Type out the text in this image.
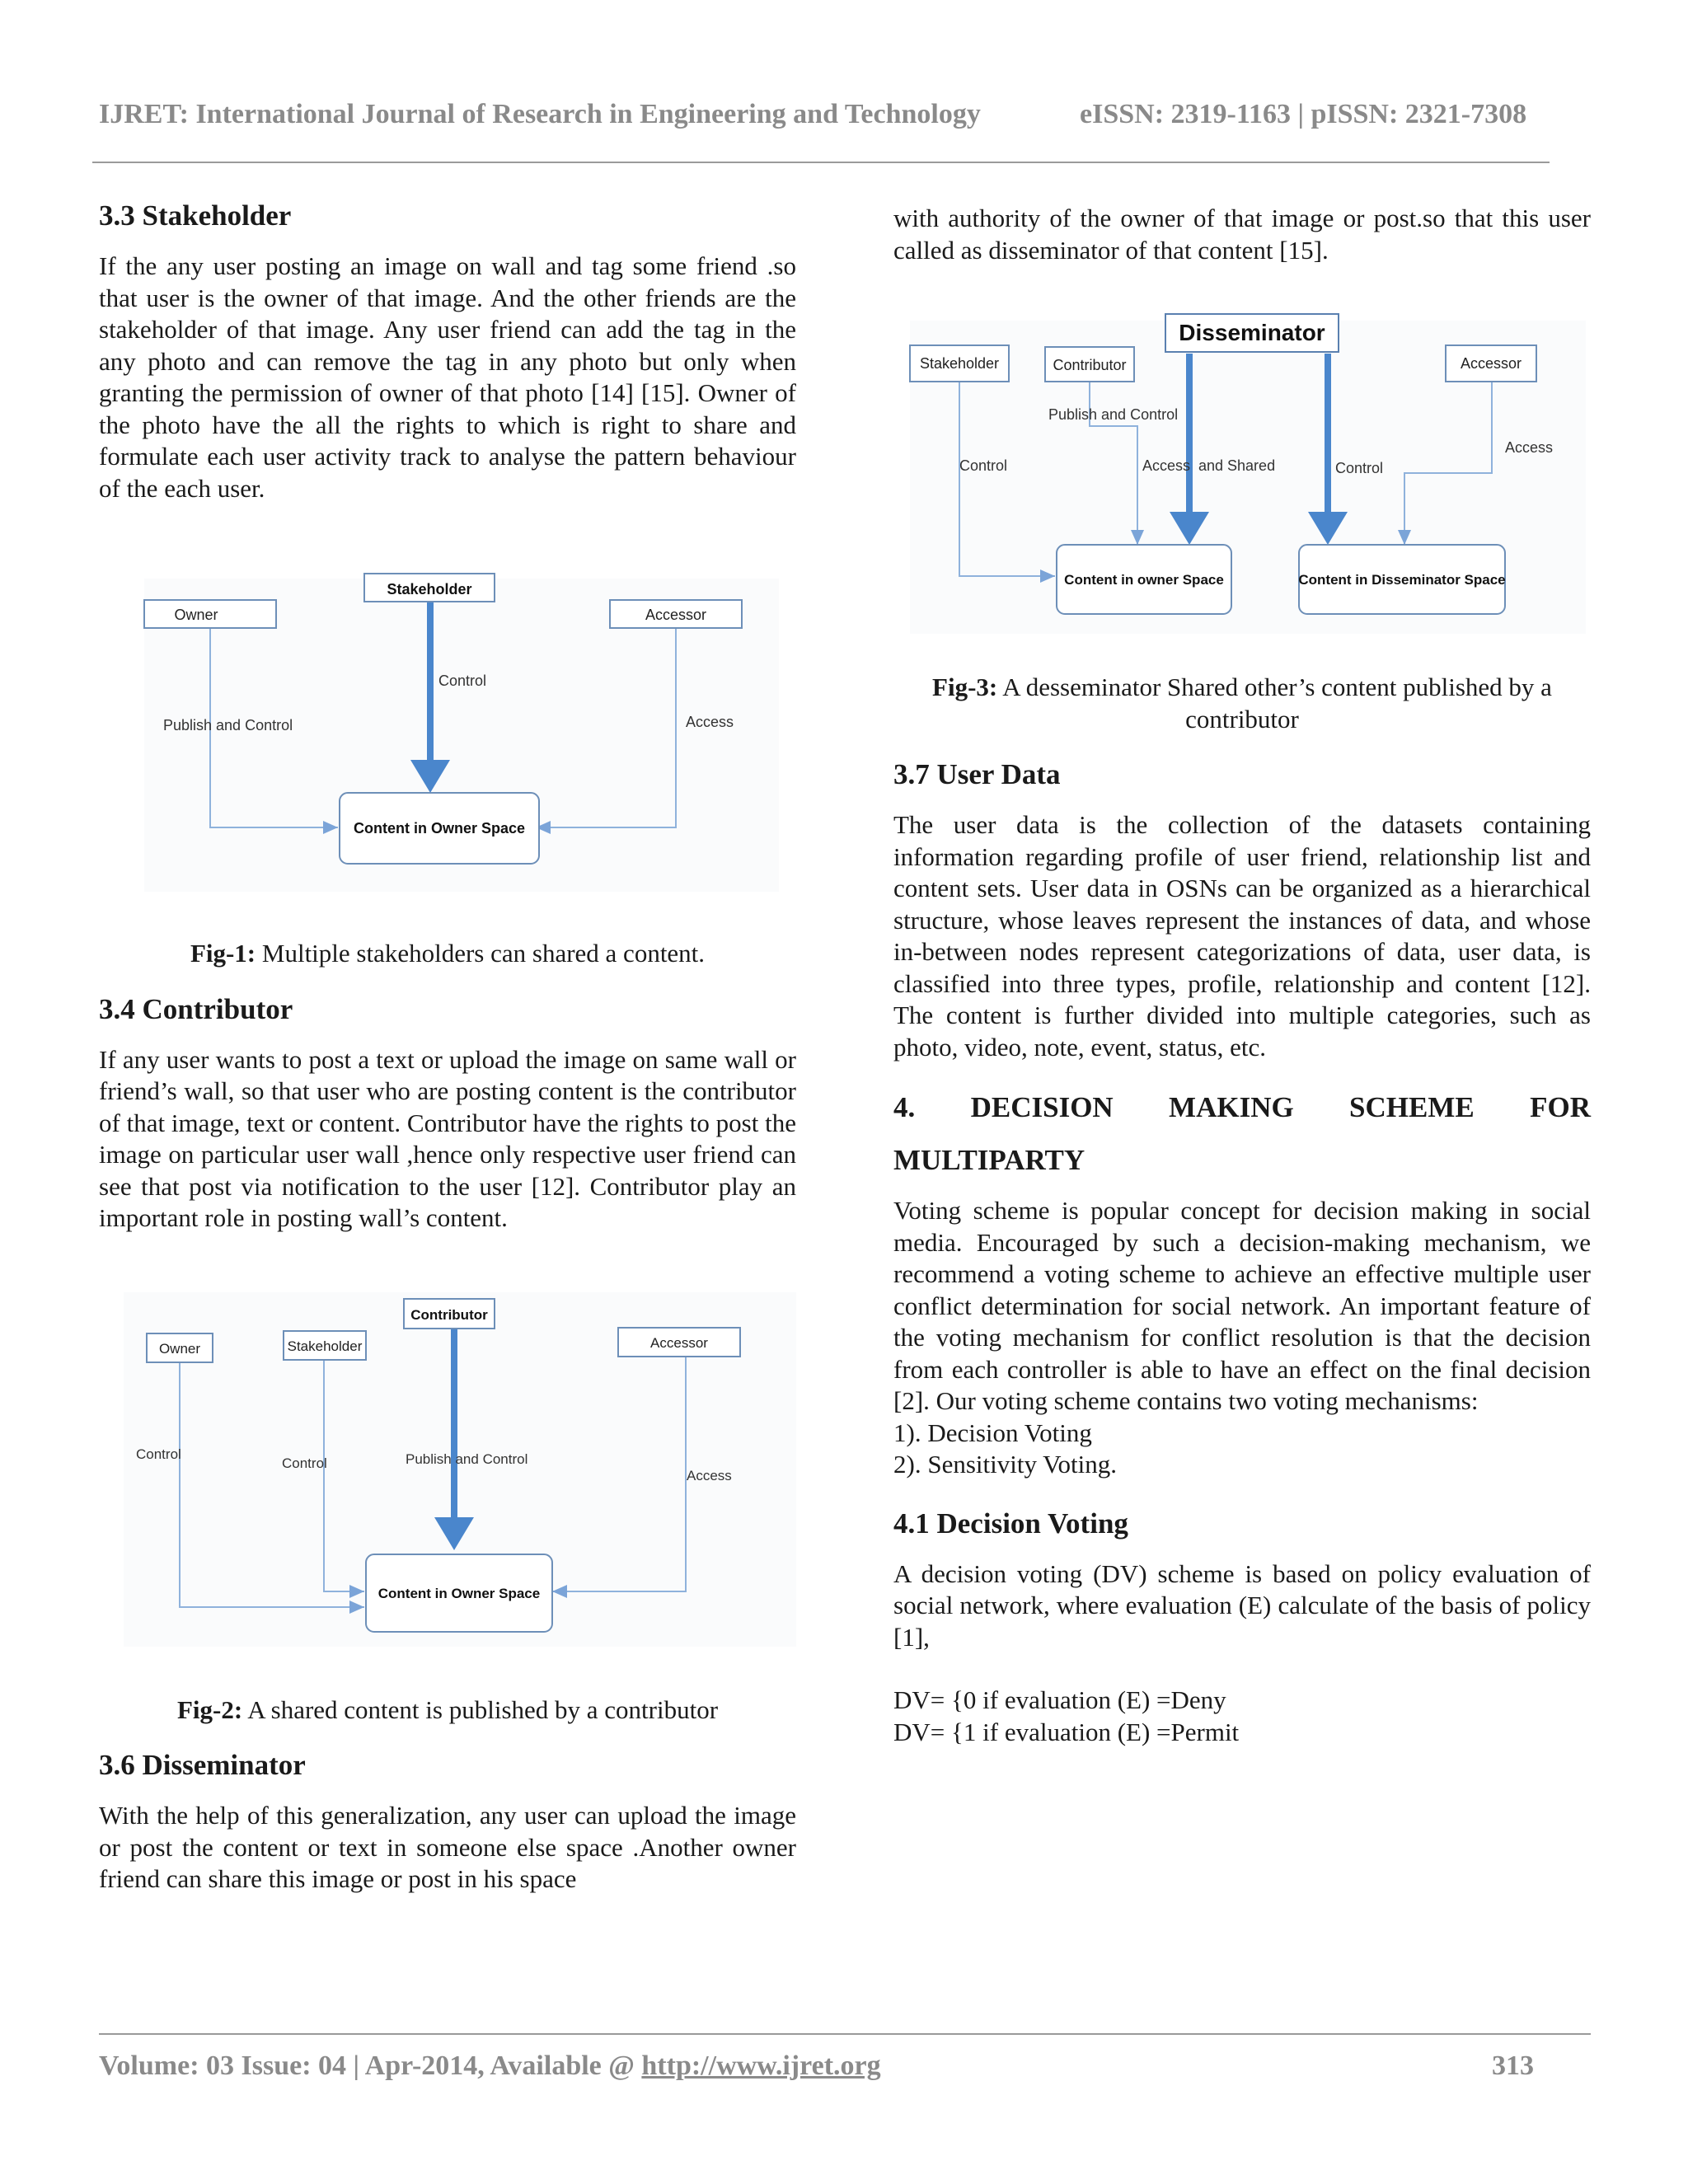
IJRET: International Journal of Research in Engineering and Technology	eISSN: 2319-1163 | pISSN: 2321-7308
3.3 Stakeholder

If the any user posting an image on wall and tag some friend .so that user is the owner of that image. And the other friends are the stakeholder of that image. Any user friend can add the tag in the any photo and can remove the tag in any photo but only when granting the permission of owner of that photo [14] [15]. Owner of the photo have the all the rights to which is right to share and formulate each user activity track to analyse the pattern behaviour of the each user.

Stakeholder
Owner	Accessor
Control
Publish and Control	Access
Content in Owner Space
Fig-1: Multiple stakeholders can shared a content.
3.4 Contributor

If any user wants to post a text or upload the image on same wall or friend’s wall, so that user who are posting content is the contributor of that image, text or content. Contributor have the rights to post the image on particular user wall ,hence only respective user friend can see that post via notification to the user [12]. Contributor play an important role in posting wall’s content.

Contributor
Owner	Stakeholder	Accessor
Control
Control	Publish and Control
Access
Content in Owner Space
Fig-2: A shared content is published by a contributor
3.6 Disseminator

With the help of this generalization, any user can upload the image or post the content or text in someone else space .Another owner friend can share this image or post in his space

with authority of the owner of that image or post.so that this user called as disseminator of that content [15].

Disseminator
Stakeholder	Contributor	Accessor
Publish and Control
Control	Access and Shared	Control
Access
Content in owner Space	Content in Disseminator Space
Fig-3: A desseminator Shared other’s content published by a contributor
3.7 User Data

The user data is the collection of the datasets containing information regarding profile of user friend, relationship list and content sets. User data in OSNs can be organized as a hierarchical structure, whose leaves represent the instances of data, and whose in-between nodes represent categorizations of data, user data, is classified into three types, profile, relationship and content [12]. The content is further divided into multiple categories, such as photo, video, note, event, status, etc.

4. DECISION MAKING SCHEME FOR
MULTIPARTY

Voting scheme is popular concept for decision making in social media. Encouraged by such a decision-making mechanism, we recommend a voting scheme to achieve an effective multiple user conflict determination for social network. An important feature of the voting mechanism for conflict resolution is that the decision from each controller is able to have an effect on the final decision [2]. Our voting scheme contains two voting mechanisms:

1). Decision Voting

2). Sensitivity Voting.

4.1 Decision Voting

A decision voting (DV) scheme is based on policy evaluation of social network, where evaluation (E) calculate of the basis of policy [1],

DV= {0 if evaluation (E) =Deny

DV= {1 if evaluation (E) =Permit

Volume: 03 Issue: 04 | Apr-2014, Available @ http://www.ijret.org	313
